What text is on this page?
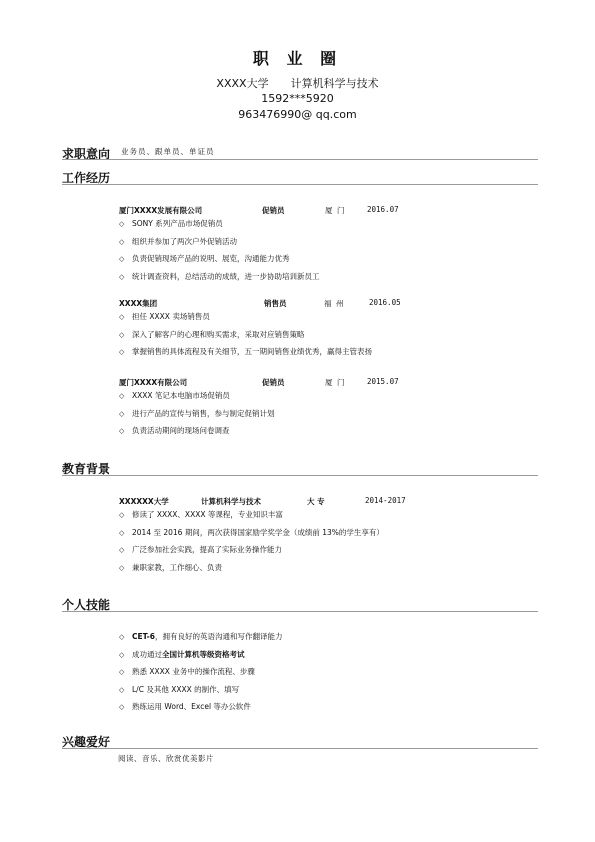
职 业 圈
XXXX大学 计算机科学与技术
1592***5920
963476990@ qq.com
求职意向	业务员、跟单员、单证员
工作经历
厦门XXXX发展有限公司	促销员	厦 门	2016.07
◇ SONY 系列产品市场促销员
◇ 组织并参加了两次户外促销活动
◇ 负责促销现场产品的说明、展览，沟通能力优秀
◇ 统计调查资料，总结活动的成绩，进一步协助培训新员工
XXXX集团	销售员	福 州	2016.05
◇ 担任 XXXX 卖场销售员
◇ 深入了解客户的心理和购买需求，采取对应销售策略
◇ 掌握销售的具体流程及有关细节，五一期间销售业绩优秀，赢得主管表扬
厦门XXXX有限公司	促销员	厦 门	2015.07
◇ XXXX 笔记本电脑市场促销员
◇ 进行产品的宣传与销售，参与制定促销计划
◇ 负责活动期间的现场问卷调查
教育背景
XXXXXX大学	计算机科学与技术	大 专	2014-2017
◇ 修读了 XXXX、XXXX 等课程，专业知识丰富
◇ 2014 至 2016 期间，两次获得国家励学奖学金（成绩前 13%的学生享有）
◇ 广泛参加社会实践，提高了实际业务操作能力
◇ 兼职家教，工作细心、负责
个人技能
◇ CET-6，拥有良好的英语沟通和写作翻译能力
◇ 成功通过全国计算机等级资格考试
◇ 熟悉 XXXX 业务中的操作流程、步骤
◇ L/C 及其他 XXXX 的制作、填写
◇ 熟练运用 Word、Excel 等办公软件
兴趣爱好
阅读、音乐、欣赏优美影片
